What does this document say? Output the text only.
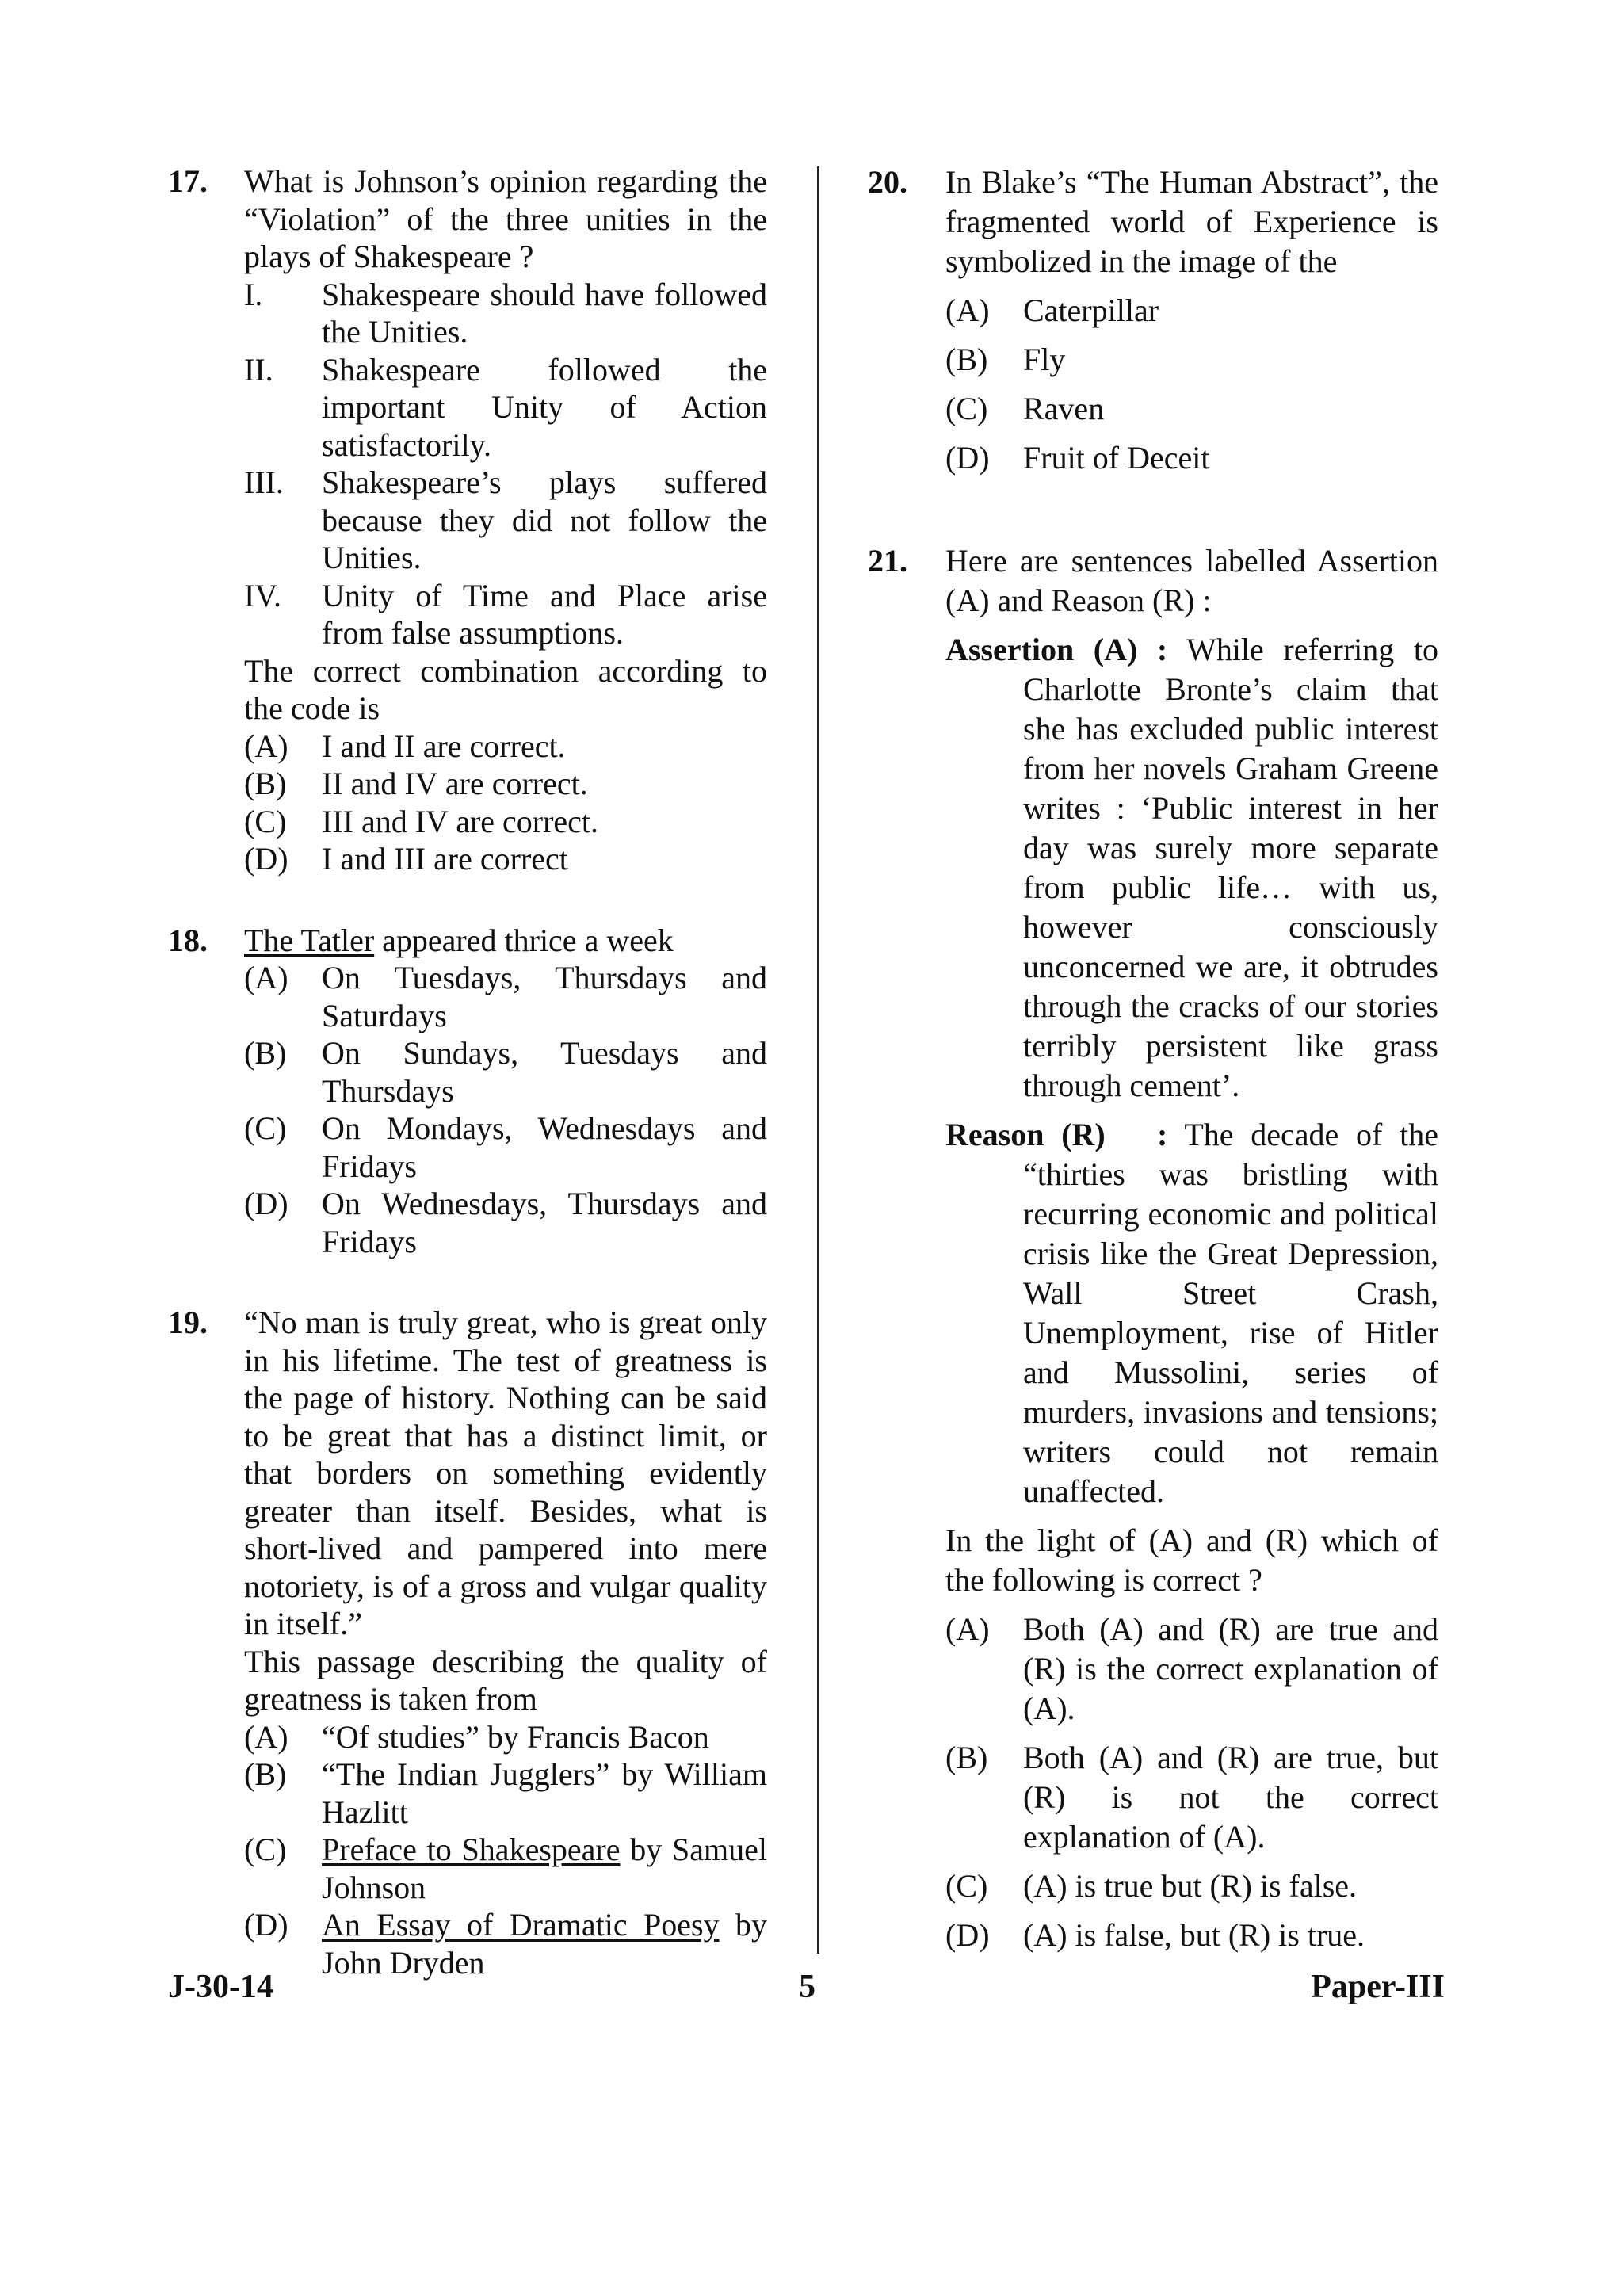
17. What is Johnson’s opinion regarding the “Violation” of the three unities in the plays of Shakespeare ?
I.	Shakespeare should have followed the Unities.
II.	Shakespeare followed the important Unity of Action satisfactorily.
III.	Shakespeare’s plays suffered because they did not follow the Unities.
IV.	Unity of Time and Place arise from false assumptions.
The correct combination according to the code is
(A)	I and II are correct.
(B)	II and IV are correct.
(C)	III and IV are correct.
(D)	I and III are correct
18. The Tatler appeared thrice a week
(A)	On Tuesdays, Thursdays and Saturdays
(B)	On Sundays, Tuesdays and Thursdays
(C)	On Mondays, Wednesdays and Fridays
(D)	On Wednesdays, Thursdays and Fridays
19. “No man is truly great, who is great only in his lifetime. The test of greatness is the page of history. Nothing can be said to be great that has a distinct limit, or that borders on something evidently greater than itself. Besides, what is short-lived and pampered into mere notoriety, is of a gross and vulgar quality in itself.”
This passage describing the quality of greatness is taken from
(A)	“Of studies” by Francis Bacon
(B)	“The Indian Jugglers” by William Hazlitt
(C)	Preface to Shakespeare by Samuel Johnson
(D)	An Essay of Dramatic Poesy by John Dryden
20. In Blake’s “The Human Abstract”, the fragmented world of Experience is symbolized in the image of the
(A)	Caterpillar
(B)	Fly
(C)	Raven
(D)	Fruit of Deceit
21. Here are sentences labelled Assertion (A) and Reason (R) :
Assertion (A) : While referring to Charlotte Bronte’s claim that she has excluded public interest from her novels Graham Greene writes : ‘Public interest in her day was surely more separate from public life… with us, however consciously unconcerned we are, it obtrudes through the cracks of our stories terribly persistent like grass through cement’.
Reason (R)   : The decade of the “thirties was bristling with recurring economic and political crisis like the Great Depression, Wall Street Crash, Unemployment, rise of Hitler and Mussolini, series of murders, invasions and tensions; writers could not remain unaffected.
In the light of (A) and (R) which of the following is correct ?
(A)	Both (A) and (R) are true and (R) is the correct explanation of (A).
(B)	Both (A) and (R) are true, but (R) is not the correct explanation of (A).
(C)	(A) is true but (R) is false.
(D)	(A) is false, but (R) is true.
J-30-14	5	Paper-III
